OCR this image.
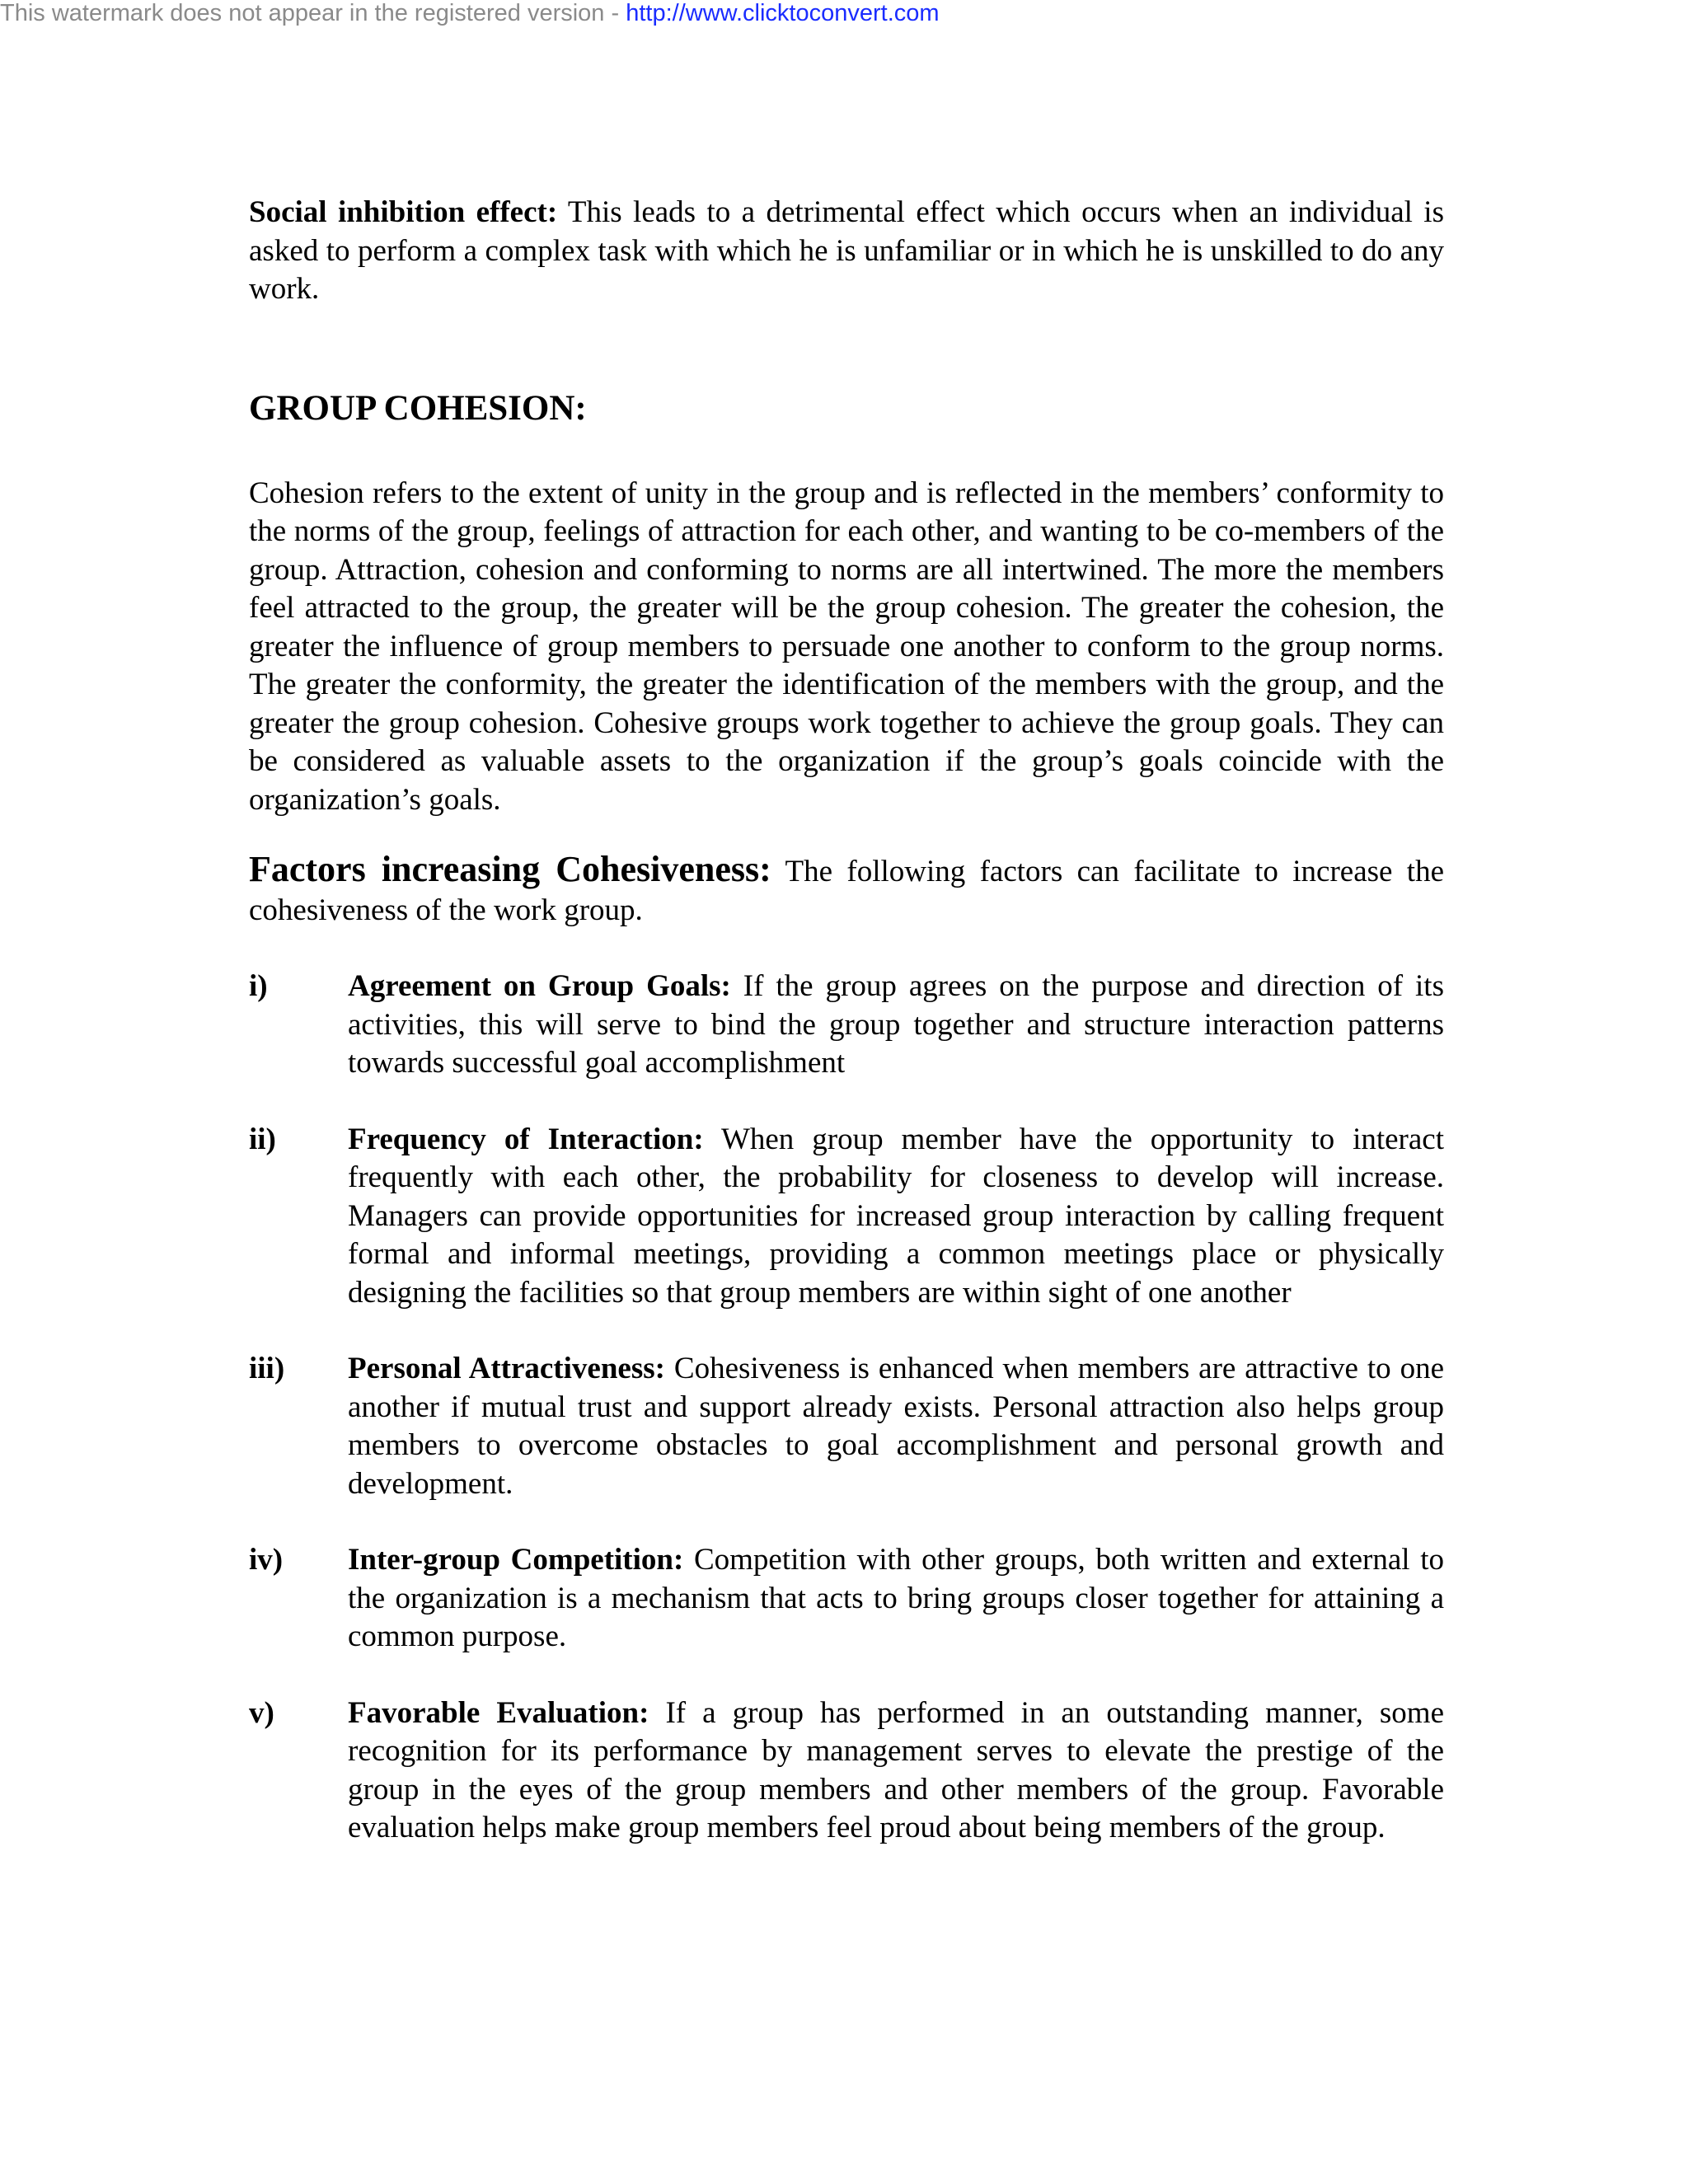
This watermark does not appear in the registered version - http://www.clicktoconvert.com

Social inhibition effect: This leads to a detrimental effect which occurs when an individual is asked to perform a complex task with which he is unfamiliar or in which he is unskilled to do any work.

GROUP COHESION:

Cohesion refers to the extent of unity in the group and is reflected in the members’ conformity to the norms of the group, feelings of attraction for each other, and wanting to be co-members of the group. Attraction, cohesion and conforming to norms are all intertwined. The more the members feel attracted to the group, the greater will be the group cohesion. The greater the cohesion, the greater the influence of group members to persuade one another to conform to the group norms. The greater the conformity, the greater the identification of the members with the group, and the greater the group cohesion. Cohesive groups work together to achieve the group goals. They can be considered as valuable assets to the organization if the group’s goals coincide with the organization’s goals.

Factors increasing Cohesiveness: The following factors can facilitate to increase the cohesiveness of the work group.

i)	Agreement on Group Goals: If the group agrees on the purpose and direction of its activities, this will serve to bind the group together and structure interaction patterns towards successful goal accomplishment
ii) Frequency of Interaction: When group member have the opportunity to interact frequently with each other, the probability for closeness to develop will increase. Managers can provide opportunities for increased group interaction by calling frequent formal and informal meetings, providing a common meetings place or physically designing the facilities so that group members are within sight of one another
iii) Personal Attractiveness: Cohesiveness is enhanced when members are attractive to one another if mutual trust and support already exists. Personal attraction also helps group members to overcome obstacles to goal accomplishment and personal growth and development.
iv) Inter-group Competition: Competition with other groups, both written and external to the organization is a mechanism that acts to bring groups closer together for attaining a common purpose.
v) Favorable Evaluation: If a group has performed in an outstanding manner, some recognition for its performance by management serves to elevate the prestige of the group in the eyes of the group members and other members of the group. Favorable evaluation helps make group members feel proud about being members of the group.
